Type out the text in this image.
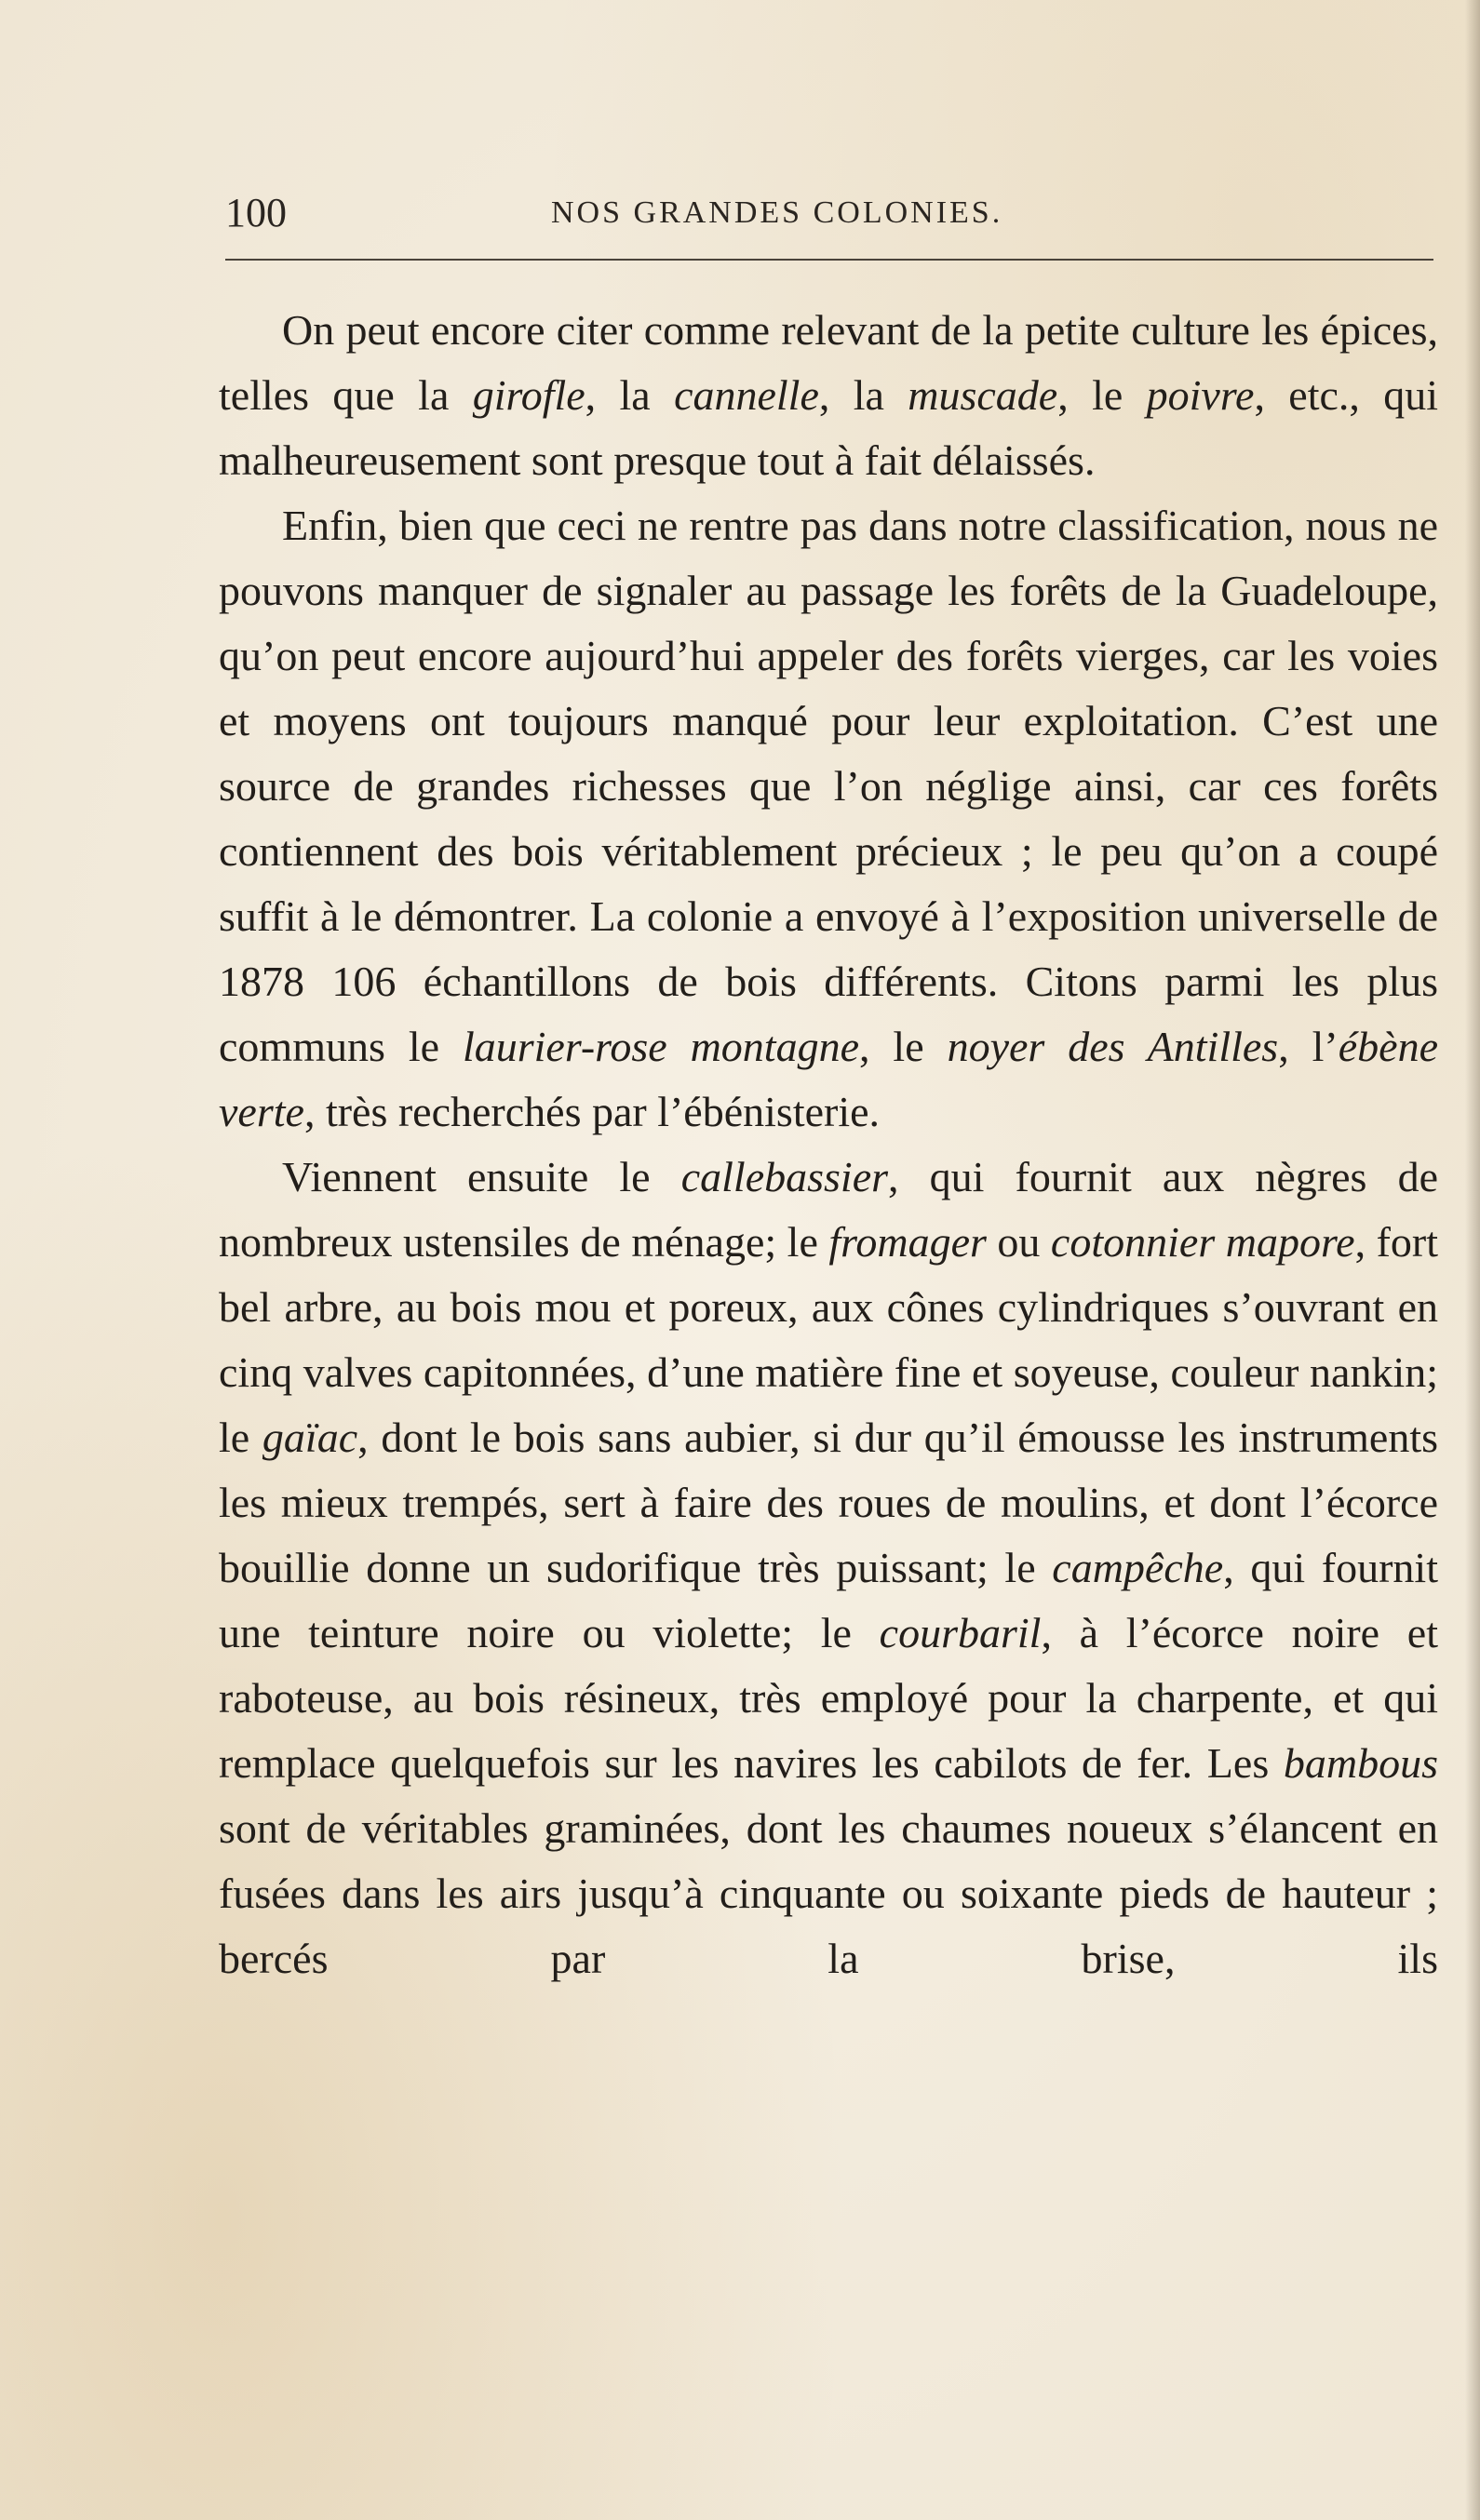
100	NOS GRANDES COLONIES.

On peut encore citer comme relevant de la petite culture les épices, telles que la girofle, la cannelle, la muscade, le poivre, etc., qui malheureusement sont presque tout à fait délaissés.

Enfin, bien que ceci ne rentre pas dans notre classification, nous ne pouvons manquer de signaler au passage les forêts de la Guadeloupe, qu’on peut encore aujourd’hui appeler des forêts vierges, car les voies et moyens ont toujours manqué pour leur exploitation. C’est une source de grandes richesses que l’on néglige ainsi, car ces forêts contiennent des bois véritablement précieux ; le peu qu’on a coupé suffit à le démontrer. La colonie a envoyé à l’exposition universelle de 1878 106 échantillons de bois différents. Citons parmi les plus communs le laurier-rose montagne, le noyer des Antilles, l’ébène verte, très recherchés par l’ébénisterie.

Viennent ensuite le callebassier, qui fournit aux nègres de nombreux ustensiles de ménage; le fromager ou cotonnier mapore, fort bel arbre, au bois mou et poreux, aux cônes cylindriques s’ouvrant en cinq valves capitonnées, d’une matière fine et soyeuse, couleur nankin; le gaïac, dont le bois sans aubier, si dur qu’il émousse les instruments les mieux trempés, sert à faire des roues de moulins, et dont l’écorce bouillie donne un sudorifique très puissant; le campêche, qui fournit une teinture noire ou violette; le courbaril, à l’écorce noire et raboteuse, au bois résineux, très employé pour la charpente, et qui remplace quelquefois sur les navires les cabilots de fer. Les bambous sont de véritables graminées, dont les chaumes noueux s’élancent en fusées dans les airs jusqu’à cinquante ou soixante pieds de hauteur ; bercés par la brise, ils
